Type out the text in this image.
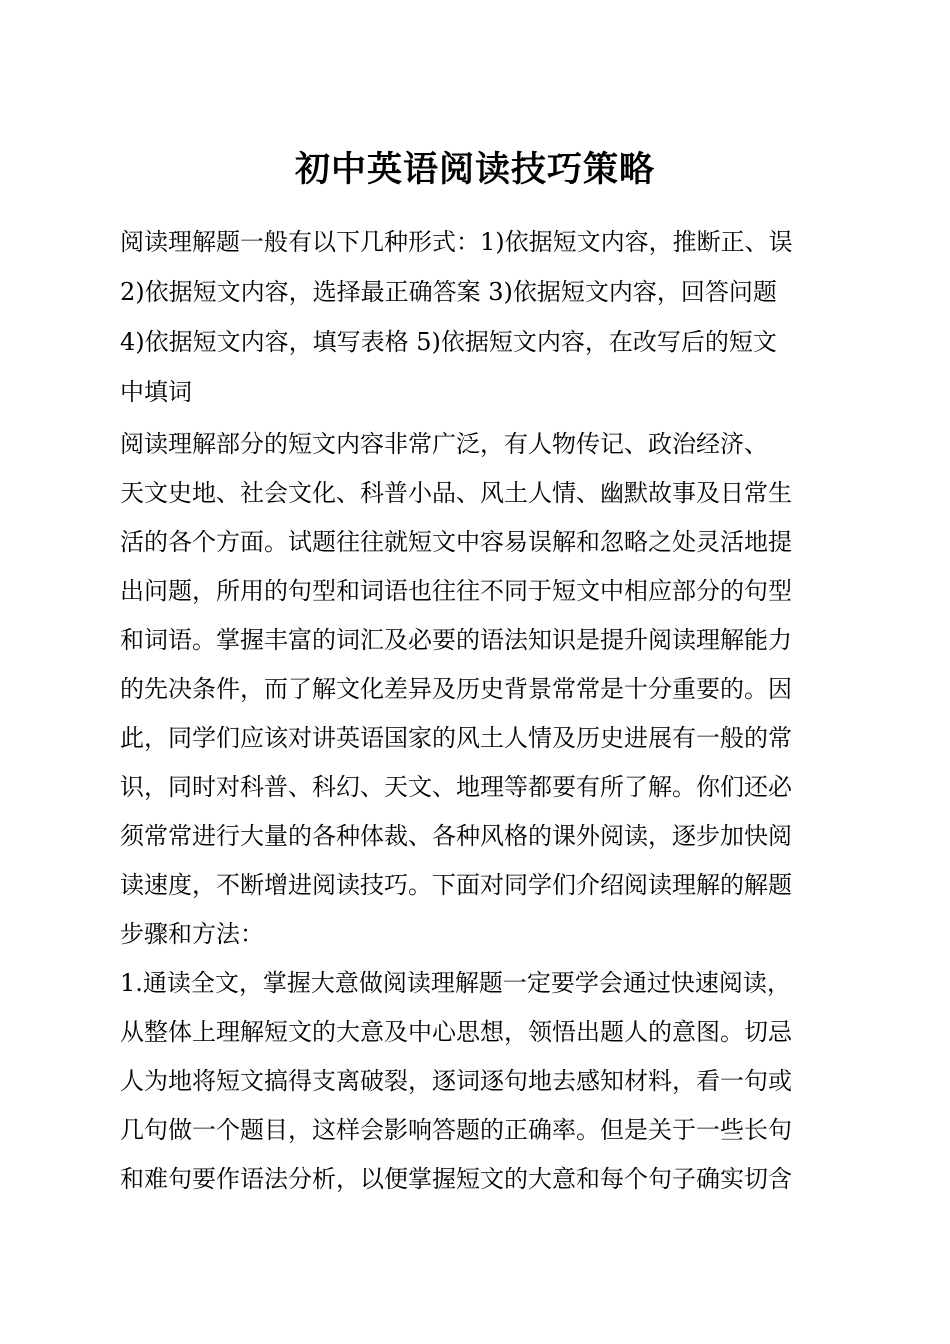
初中英语阅读技巧策略
阅读理解题一般有以下几种形式：1)依据短文内容，推断正、误
2)依据短文内容，选择最正确答案 3)依据短文内容，回答问题
4)依据短文内容，填写表格 5)依据短文内容，在改写后的短文
中填词
阅读理解部分的短文内容非常广泛，有人物传记、政治经济、
天文史地、社会文化、科普小品、风土人情、幽默故事及日常生
活的各个方面。试题往往就短文中容易误解和忽略之处灵活地提
出问题，所用的句型和词语也往往不同于短文中相应部分的句型
和词语。掌握丰富的词汇及必要的语法知识是提升阅读理解能力
的先决条件，而了解文化差异及历史背景常常是十分重要的。因
此，同学们应该对讲英语国家的风土人情及历史进展有一般的常
识，同时对科普、科幻、天文、地理等都要有所了解。你们还必
须常常进行大量的各种体裁、各种风格的课外阅读，逐步加快阅
读速度，不断增进阅读技巧。下面对同学们介绍阅读理解的解题
步骤和方法：
1.通读全文，掌握大意做阅读理解题一定要学会通过快速阅读，
从整体上理解短文的大意及中心思想，领悟出题人的意图。切忌
人为地将短文搞得支离破裂，逐词逐句地去感知材料，看一句或
几句做一个题目，这样会影响答题的正确率。但是关于一些长句
和难句要作语法分析，以便掌握短文的大意和每个句子确实切含
